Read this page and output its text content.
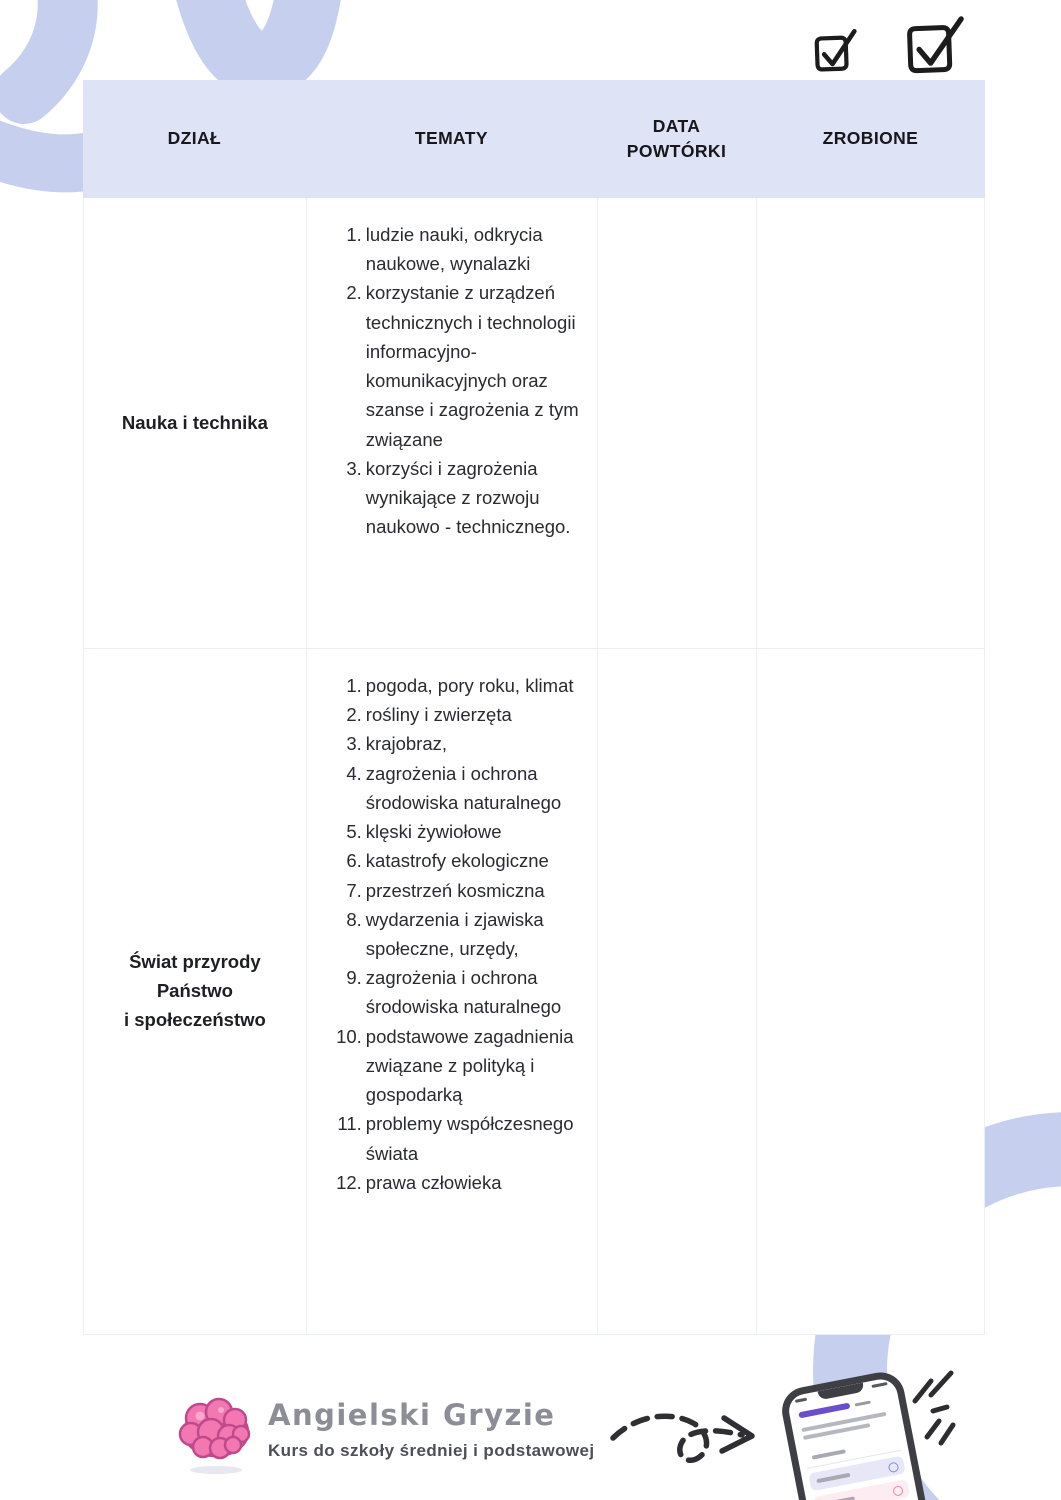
DZIAŁ	TEMATY
DATA POWTÓRKI
ZROBIONE
Nauka i technika
ludzie nauki, odkrycia naukowe, wynalazki
korzystanie z urządzeń technicznych i technologii informacyjno-komunikacyjnych oraz szanse i zagrożenia z tym związane
korzyści i zagrożenia wynikające z rozwoju naukowo - technicznego.
Świat przyrody
Państwo
i społeczeństwo
pogoda, pory roku, klimat
rośliny i zwierzęta
krajobraz,
zagrożenia i ochrona środowiska naturalnego
klęski żywiołowe
katastrofy ekologiczne
przestrzeń kosmiczna
wydarzenia i zjawiska społeczne, urzędy,
zagrożenia i ochrona środowiska naturalnego
podstawowe zagadnienia związane z polityką i gospodarką
problemy współczesnego świata
prawa człowieka
Angielski Gryzie
Kurs do szkoły średniej i podstawowej
